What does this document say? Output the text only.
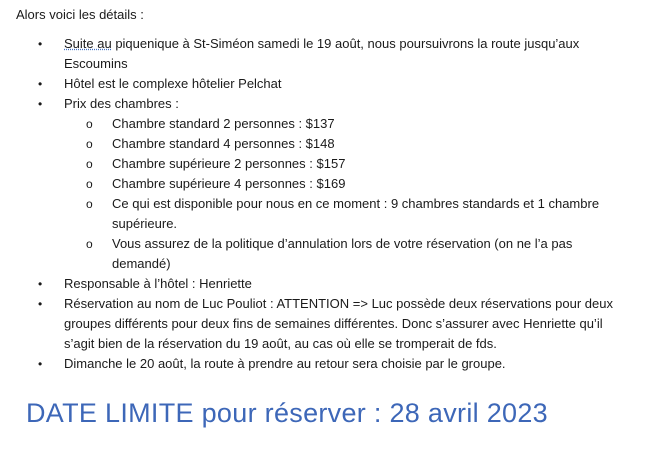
Alors voici les détails :
• Suite au piquenique à St-Siméon samedi le 19 août, nous poursuivrons la route jusqu’aux Escoumins
• Hôtel est le complexe hôtelier Pelchat
• Prix des chambres :
o Chambre standard 2 personnes : $137
o Chambre standard 4 personnes : $148
o Chambre supérieure 2 personnes : $157
o Chambre supérieure 4 personnes : $169
o Ce qui est disponible pour nous en ce moment : 9 chambres standards et 1 chambre supérieure.
o Vous assurez de la politique d’annulation lors de votre réservation (on ne l’a pas demandé)
• Responsable à l’hôtel : Henriette
• Réservation au nom de Luc Pouliot : ATTENTION => Luc possède deux réservations pour deux groupes différents pour deux fins de semaines différentes. Donc s’assurer avec Henriette qu’il s’agit bien de la réservation du 19 août, au cas où elle se tromperait de fds.
• Dimanche le 20 août, la route à prendre au retour sera choisie par le groupe.
DATE LIMITE pour réserver : 28 avril 2023
